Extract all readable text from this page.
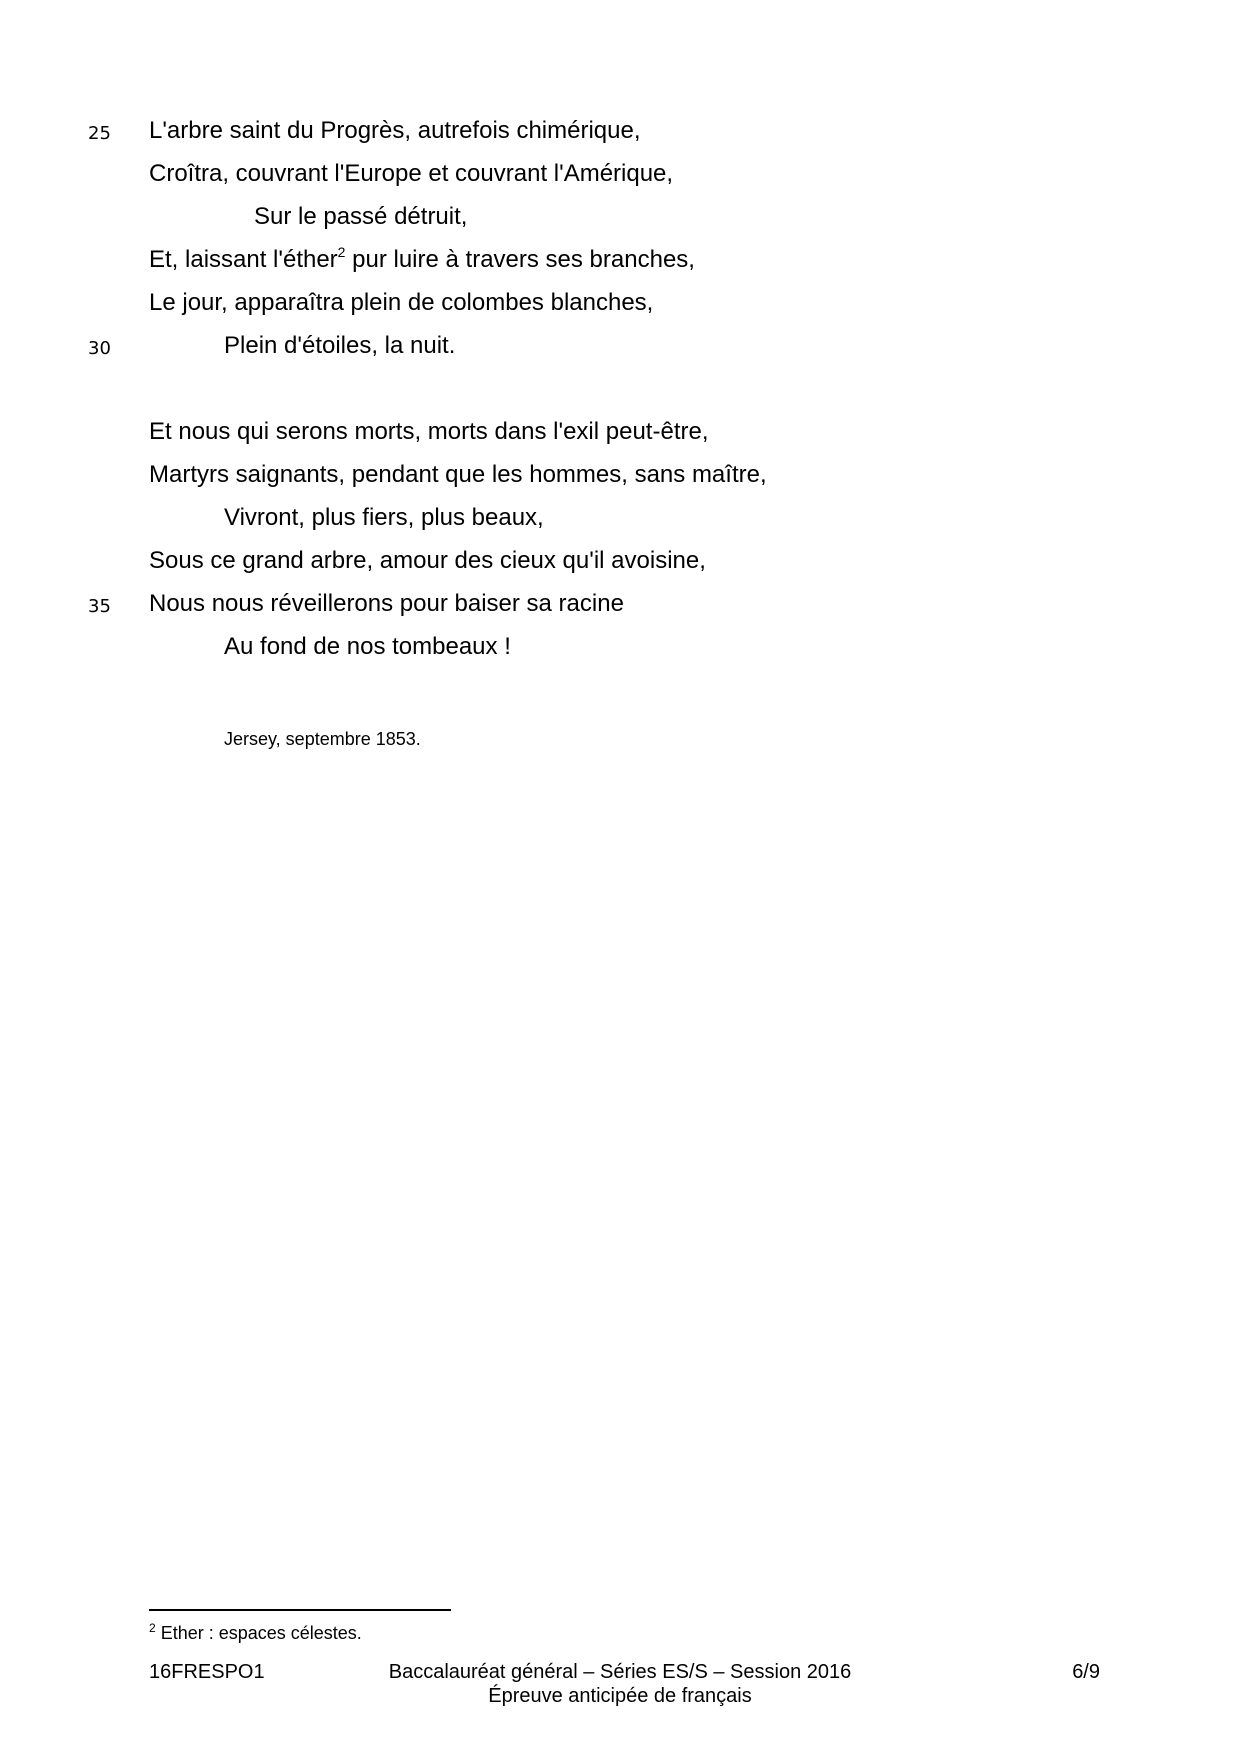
25 L'arbre saint du Progrès, autrefois chimérique,
Croîtra, couvrant l'Europe et couvrant l'Amérique,
Sur le passé détruit,
Et, laissant l'éther$^2$ pur luire à travers ses branches,
Le jour, apparaîtra plein de colombes blanches,
30	Plein d'étoiles, la nuit.
Et nous qui serons morts, morts dans l'exil peut-être,
Martyrs saignants, pendant que les hommes, sans maître,
Vivront, plus fiers, plus beaux,
Sous ce grand arbre, amour des cieux qu'il avoisine,
35 Nous nous réveillerons pour baiser sa racine
Au fond de nos tombeaux !
Jersey, septembre 1853.
$^2$ Ether : espaces célestes.
16FRESPO1	Baccalauréat général – Séries ES/S – Session 2016
Épreuve anticipée de français
6/9
